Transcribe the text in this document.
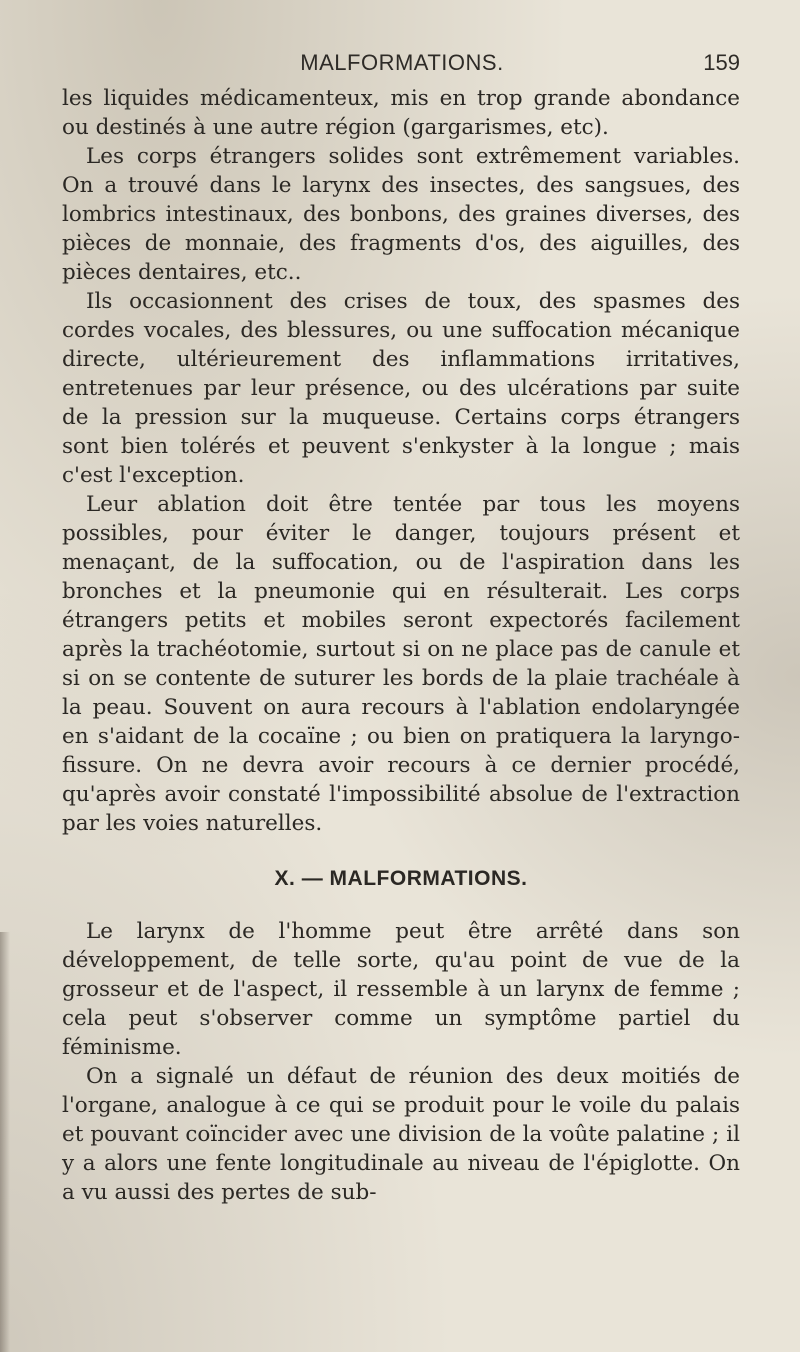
MALFORMATIONS.	159

les liquides médicamenteux, mis en trop grande abondance ou destinés à une autre région (gargarismes, etc).

Les corps étrangers solides sont extrêmement variables. On a trouvé dans le larynx des insectes, des sangsues, des lombrics intestinaux, des bonbons, des graines diverses, des pièces de monnaie, des fragments d'os, des aiguilles, des pièces dentaires, etc..

Ils occasionnent des crises de toux, des spasmes des cordes vocales, des blessures, ou une suffocation mécanique directe, ultérieurement des inflammations irritatives, entretenues par leur présence, ou des ulcérations par suite de la pression sur la muqueuse. Certains corps étrangers sont bien tolérés et peuvent s'enkyster à la longue ; mais c'est l'exception.

Leur ablation doit être tentée par tous les moyens possibles, pour éviter le danger, toujours présent et menaçant, de la suffocation, ou de l'aspiration dans les bronches et la pneumonie qui en résulterait. Les corps étrangers petits et mobiles seront expectorés facilement après la trachéotomie, surtout si on ne place pas de canule et si on se contente de suturer les bords de la plaie trachéale à la peau. Souvent on aura recours à l'ablation endolaryngée en s'aidant de la cocaïne ; ou bien on pratiquera la laryngo-fissure. On ne devra avoir recours à ce dernier procédé, qu'après avoir constaté l'impossibilité absolue de l'extraction par les voies naturelles.

X. — MALFORMATIONS.

Le larynx de l'homme peut être arrêté dans son développement, de telle sorte, qu'au point de vue de la grosseur et de l'aspect, il ressemble à un larynx de femme ; cela peut s'observer comme un symptôme partiel du féminisme.

On a signalé un défaut de réunion des deux moitiés de l'organe, analogue à ce qui se produit pour le voile du palais et pouvant coïncider avec une division de la voûte palatine ; il y a alors une fente longitudinale au niveau de l'épiglotte. On a vu aussi des pertes de sub-
